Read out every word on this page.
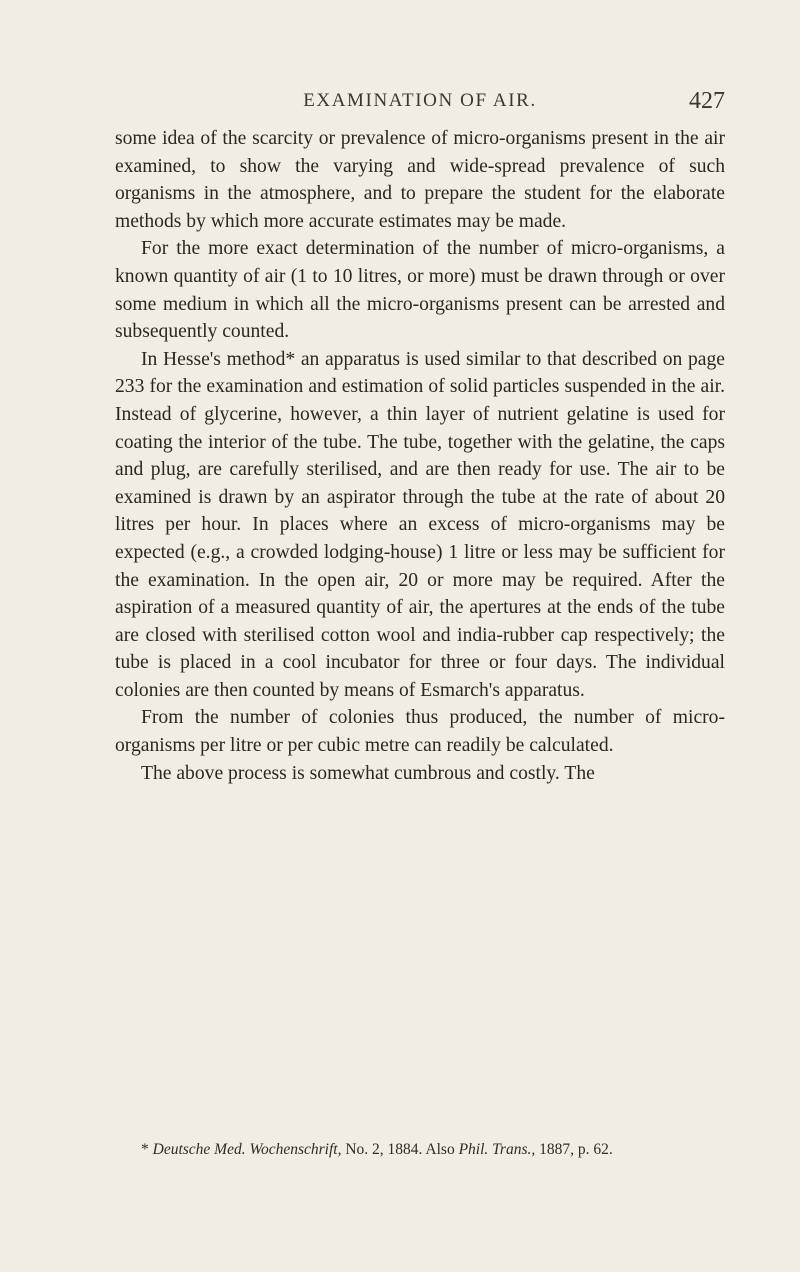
EXAMINATION OF AIR.	427

some idea of the scarcity or prevalence of micro-organisms present in the air examined, to show the varying and wide-spread prevalence of such organisms in the atmosphere, and to prepare the student for the elaborate methods by which more accurate estimates may be made.

For the more exact determination of the number of micro-organisms, a known quantity of air (1 to 10 litres, or more) must be drawn through or over some medium in which all the micro-organisms present can be arrested and subsequently counted.

In Hesse's method* an apparatus is used similar to that described on page 233 for the examination and estimation of solid particles suspended in the air. Instead of glycerine, however, a thin layer of nutrient gelatine is used for coating the interior of the tube. The tube, together with the gelatine, the caps and plug, are carefully sterilised, and are then ready for use. The air to be examined is drawn by an aspirator through the tube at the rate of about 20 litres per hour. In places where an excess of micro-organisms may be expected (e.g., a crowded lodging-house) 1 litre or less may be sufficient for the examination. In the open air, 20 or more may be required. After the aspiration of a measured quantity of air, the apertures at the ends of the tube are closed with sterilised cotton wool and india-rubber cap respectively; the tube is placed in a cool incubator for three or four days. The individual colonies are then counted by means of Esmarch's apparatus.

From the number of colonies thus produced, the number of micro-organisms per litre or per cubic metre can readily be calculated.

The above process is somewhat cumbrous and costly. The

* Deutsche Med. Wochenschrift, No. 2, 1884. Also Phil. Trans., 1887, p. 62.
